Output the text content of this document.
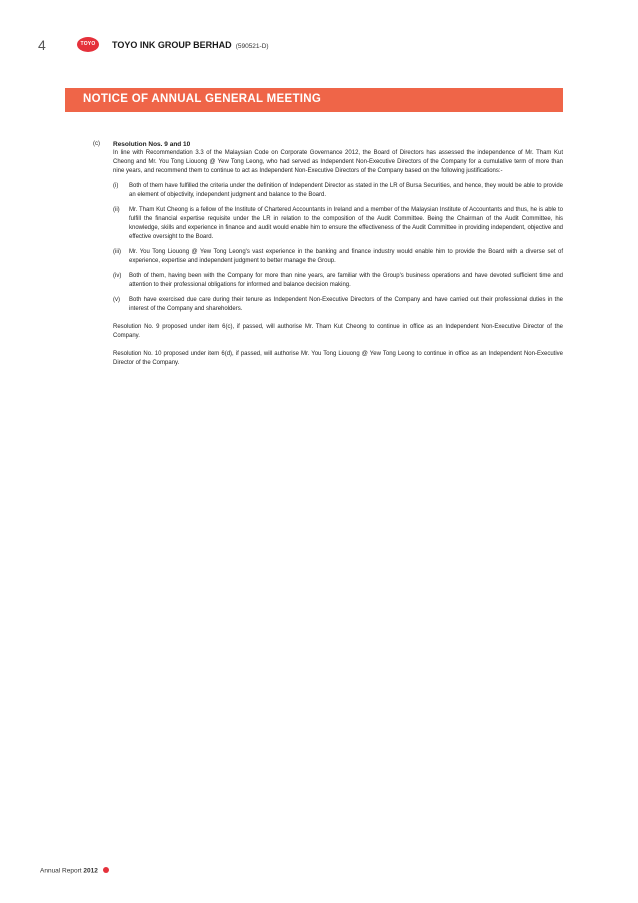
4	TOYO	TOYO INK GROUP BERHAD (590521-D)
NOTICE OF ANNUAL GENERAL MEETING
(c)	Resolution Nos. 9 and 10
In line with Recommendation 3.3 of the Malaysian Code on Corporate Governance 2012, the Board of Directors has assessed the independence of Mr. Tham Kut Cheong and Mr. You Tong Liouong @ Yew Tong Leong, who had served as Independent Non-Executive Directors of the Company for a cumulative term of more than nine years, and recommend them to continue to act as Independent Non-Executive Directors of the Company based on the following justifications:-
(i)	Both of them have fulfilled the criteria under the definition of Independent Director as stated in the LR of Bursa Securities, and hence, they would be able to provide an element of objectivity, independent judgment and balance to the Board.
(ii)	Mr. Tham Kut Cheong is a fellow of the Institute of Chartered Accountants in Ireland and a member of the Malaysian Institute of Accountants and thus, he is able to fulfill the financial expertise requisite under the LR in relation to the composition of the Audit Committee. Being the Chairman of the Audit Committee, his knowledge, skills and experience in finance and audit would enable him to ensure the effectiveness of the Audit Committee in providing independent, objective and effective oversight to the Board.
(iii)	Mr. You Tong Liouong @ Yew Tong Leong's vast experience in the banking and finance industry would enable him to provide the Board with a diverse set of experience, expertise and independent judgment to better manage the Group.
(iv)	Both of them, having been with the Company for more than nine years, are familiar with the Group's business operations and have devoted sufficient time and attention to their professional obligations for informed and balance decision making.
(v)	Both have exercised due care during their tenure as Independent Non-Executive Directors of the Company and have carried out their professional duties in the interest of the Company and shareholders.
Resolution No. 9 proposed under item 6(c), if passed, will authorise Mr. Tham Kut Cheong to continue in office as an Independent Non-Executive Director of the Company.
Resolution No. 10 proposed under item 6(d), if passed, will authorise Mr. You Tong Liouong @ Yew Tong Leong to continue in office as an Independent Non-Executive Director of the Company.
Annual Report 2012
